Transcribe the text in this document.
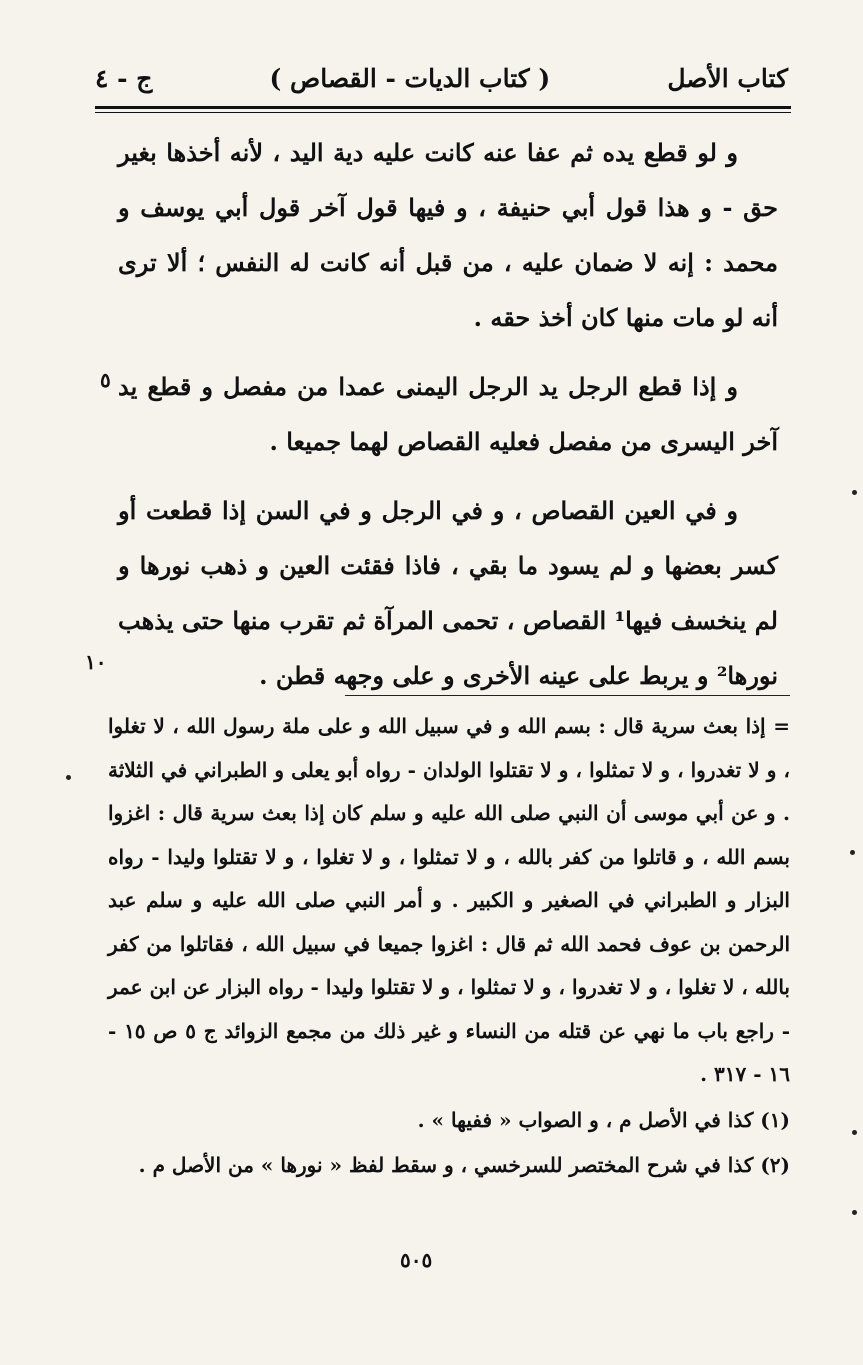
كتاب الأصل
( كتاب الديات - القصاص )
ج - ٤

و لو قطع يده ثم عفا عنه كانت عليه دية اليد ، لأنه أخذها بغير حق - و هذا قول أبي حنيفة ، و فيها قول آخر قول أبي يوسف و محمد : إنه لا ضمان عليه ، من قبل أنه كانت له النفس ؛ ألا ترى أنه لو مات منها كان أخذ حقه .

و إذا قطع الرجل يد الرجل اليمنى عمدا من مفصل و قطع يد آخر اليسرى من مفصل فعليه القصاص لهما جميعا .

و في العين القصاص ، و في الرجل و في السن إذا قطعت أو كسر بعضها و لم يسود ما بقي ، فاذا فقئت العين و ذهب نورها و لم ينخسف فيها¹ القصاص ، تحمى المرآة ثم تقرب منها حتى يذهب نورها² و يربط على عينه الأخرى و على وجهه قطن .

٥
١٠

= إذا بعث سرية قال : بسم الله و في سبيل الله و على ملة رسول الله ، لا تغلوا ، و لا تغدروا ، و لا تمثلوا ، و لا تقتلوا الولدان - رواه أبو يعلى و الطبراني في الثلاثة . و عن أبي موسى أن النبي صلى الله عليه و سلم كان إذا بعث سرية قال : اغزوا بسم الله ، و قاتلوا من كفر بالله ، و لا تمثلوا ، و لا تغلوا ، و لا تقتلوا وليدا - رواه البزار و الطبراني في الصغير و الكبير . و أمر النبي صلى الله عليه و سلم عبد الرحمن بن عوف فحمد الله ثم قال : اغزوا جميعا في سبيل الله ، فقاتلوا من كفر بالله ، لا تغلوا ، و لا تغدروا ، و لا تمثلوا ، و لا تقتلوا وليدا - رواه البزار عن ابن عمر - راجع باب ما نهي عن قتله من النساء و غير ذلك من مجمع الزوائد ج ٥ ص ١٥ - ١٦ - ٣١٧ .

(١) كذا في الأصل م ، و الصواب « ففيها » .

(٢) كذا في شرح المختصر للسرخسي ، و سقط لفظ « نورها » من الأصل م .

٥٠٥
